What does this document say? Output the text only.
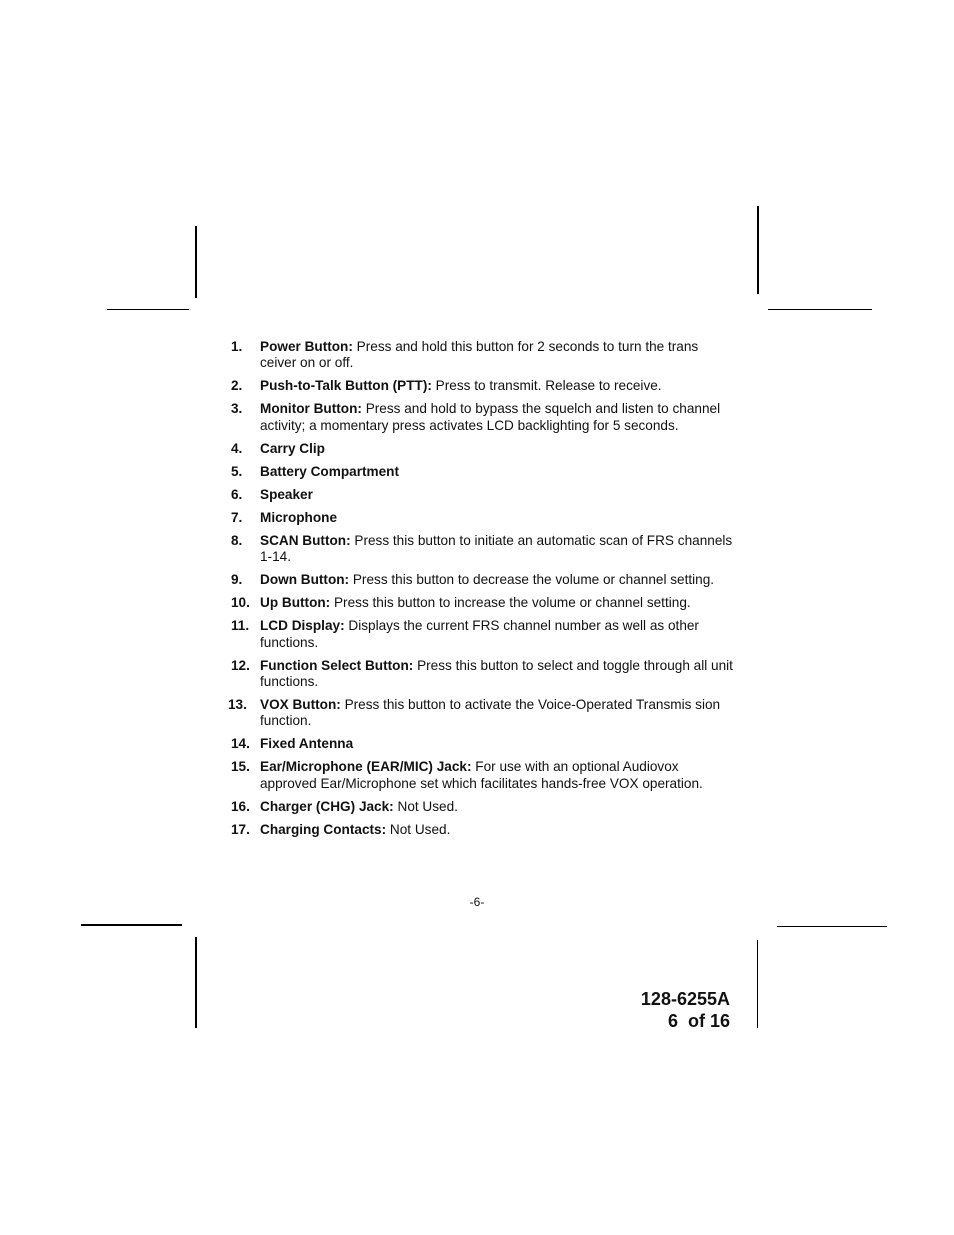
1.	Power Button: Press and hold this button for 2 seconds to turn the trans ceiver on or off.
2.	Push-to-Talk Button (PTT): Press to transmit. Release to receive.
3.	Monitor Button: Press and hold to bypass the squelch and listen to channel activity; a momentary press activates LCD backlighting for 5 seconds.
4.	Carry Clip
5.	Battery Compartment
6.	Speaker
7.	Microphone
8.	SCAN Button: Press this button to initiate an automatic scan of FRS channels 1-14.
9.	Down Button: Press this button to decrease the volume or channel setting.
10. Up Button: Press this button to increase the volume or channel setting.
11. LCD Display: Displays the current FRS channel number as well as other functions.
12. Function Select Button: Press this button to select and toggle through all unit functions.
13. VOX Button: Press this button to activate the Voice-Operated Transmis sion function.
14. Fixed Antenna
15. Ear/Microphone (EAR/MIC) Jack: For use with an optional Audiovox approved Ear/Microphone set which facilitates hands-free VOX operation.
16. Charger (CHG) Jack: Not Used.
17. Charging Contacts: Not Used.
-6-
128-6255A
6  of 16
